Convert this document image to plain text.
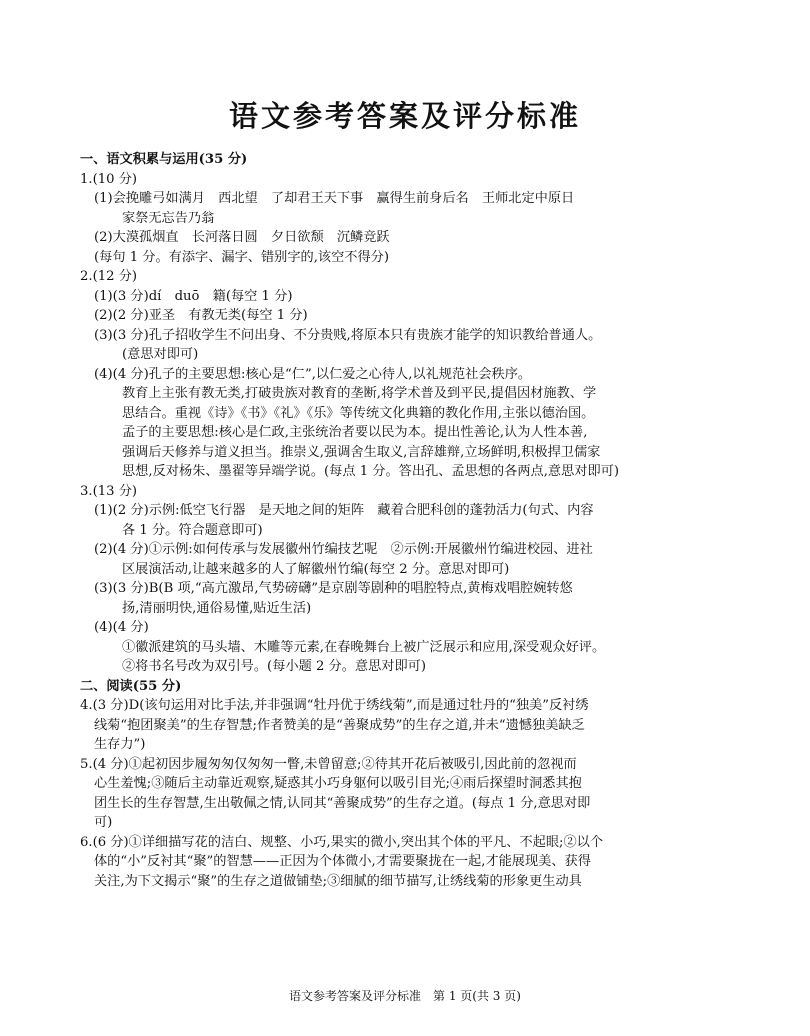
语文参考答案及评分标准
一、语文积累与运用(35 分)
1.(10 分)
(1)会挽雕弓如满月　西北望　了却君王天下事　赢得生前身后名　王师北定中原日
家祭无忘告乃翁
(2)大漠孤烟直　长河落日圆　夕日欲颓　沉鳞竞跃
(每句 1 分。有添字、漏字、错别字的,该空不得分)
2.(12 分)
(1)(3 分)dí　duō　籍(每空 1 分)
(2)(2 分)亚圣　有教无类(每空 1 分)
(3)(3 分)孔子招收学生不问出身、不分贵贱,将原本只有贵族才能学的知识教给普通人。
(意思对即可)
(4)(4 分)孔子的主要思想:核心是“仁”,以仁爱之心待人,以礼规范社会秩序。
教育上主张有教无类,打破贵族对教育的垄断,将学术普及到平民,提倡因材施教、学
思结合。重视《诗》《书》《礼》《乐》等传统文化典籍的教化作用,主张以德治国。
孟子的主要思想:核心是仁政,主张统治者要以民为本。提出性善论,认为人性本善,
强调后天修养与道义担当。推崇义,强调舍生取义,言辞雄辩,立场鲜明,积极捍卫儒家
思想,反对杨朱、墨翟等异端学说。(每点 1 分。答出孔、孟思想的各两点,意思对即可)
3.(13 分)
(1)(2 分)示例:低空飞行器　是天地之间的矩阵　藏着合肥科创的蓬勃活力(句式、内容
各 1 分。符合题意即可)
(2)(4 分)①示例:如何传承与发展徽州竹编技艺呢　②示例:开展徽州竹编进校园、进社
区展演活动,让越来越多的人了解徽州竹编(每空 2 分。意思对即可)
(3)(3 分)B(B 项,“高亢激昂,气势磅礴”是京剧等剧种的唱腔特点,黄梅戏唱腔婉转悠
扬,清丽明快,通俗易懂,贴近生活)
(4)(4 分)
①徽派建筑的马头墙、木雕等元素,在春晚舞台上被广泛展示和应用,深受观众好评。
②将书名号改为双引号。(每小题 2 分。意思对即可)
二、阅读(55 分)
4.(3 分)D(该句运用对比手法,并非强调“牡丹优于绣线菊”,而是通过牡丹的“独美”反衬绣
线菊“抱团聚美”的生存智慧;作者赞美的是“善聚成势”的生存之道,并未“遗憾独美缺乏
生存力”)
5.(4 分)①起初因步履匆匆仅匆匆一瞥,未曾留意;②待其开花后被吸引,因此前的忽视而
心生羞愧;③随后主动靠近观察,疑惑其小巧身躯何以吸引目光;④雨后探望时洞悉其抱
团生长的生存智慧,生出敬佩之情,认同其“善聚成势”的生存之道。(每点 1 分,意思对即
可)
6.(6 分)①详细描写花的洁白、规整、小巧,果实的微小,突出其个体的平凡、不起眼;②以个
体的“小”反衬其“聚”的智慧——正因为个体微小,才需要聚拢在一起,才能展现美、获得
关注,为下文揭示“聚”的生存之道做铺垫;③细腻的细节描写,让绣线菊的形象更生动具
语文参考答案及评分标准　第 1 页(共 3 页)
